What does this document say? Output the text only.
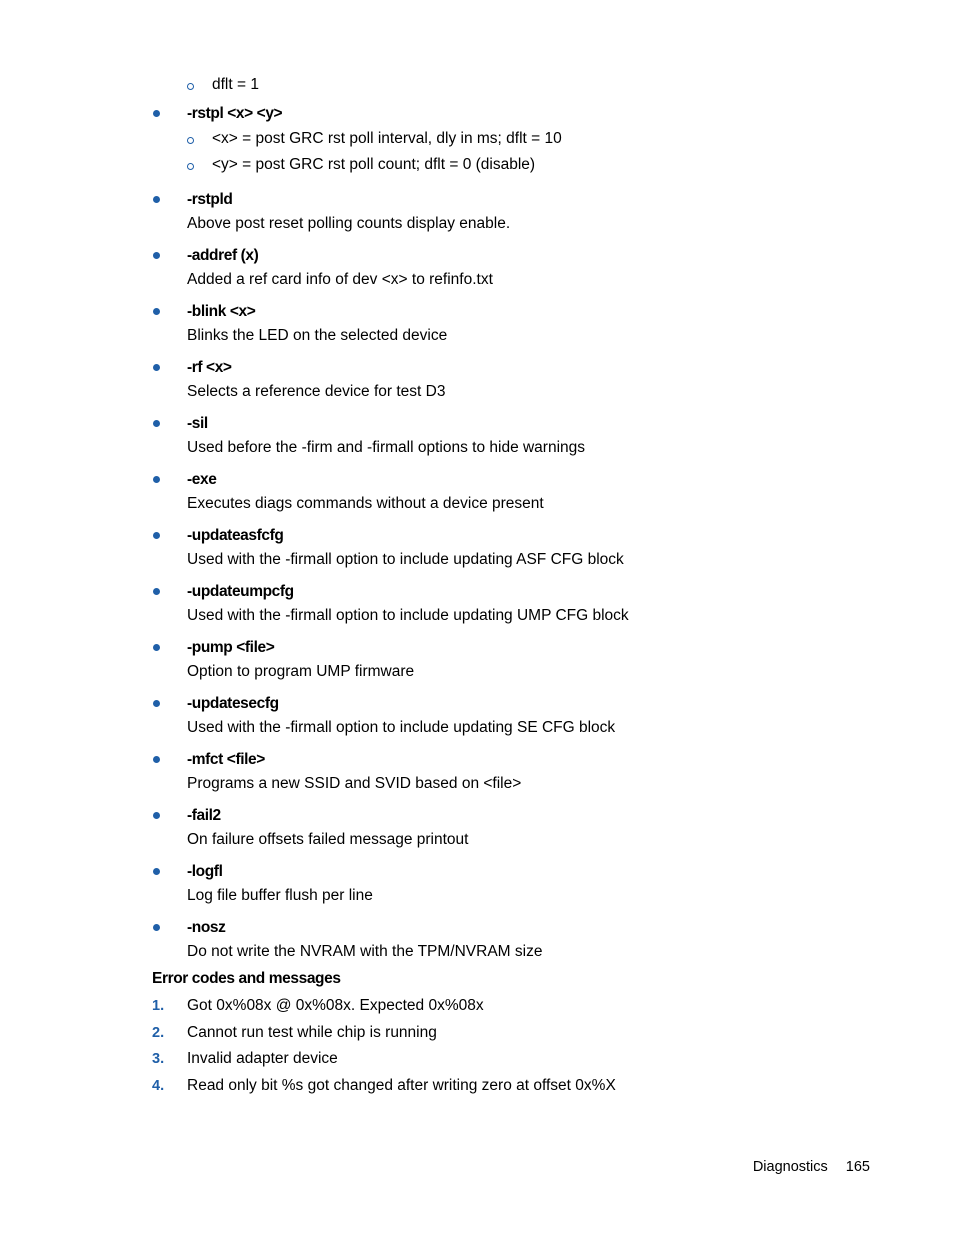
dflt = 1
-rstpl <x> <y>
<x> = post GRC rst poll interval, dly in ms; dflt = 10
<y> = post GRC rst poll count; dflt = 0 (disable)
-rstpld
Above post reset polling counts display enable.
-addref (x)
Added a ref card info of dev <x> to refinfo.txt
-blink <x>
Blinks the LED on the selected device
-rf <x>
Selects a reference device for test D3
-sil
Used before the -firm and -firmall options to hide warnings
-exe
Executes diags commands without a device present
-updateasfcfg
Used with the -firmall option to include updating ASF CFG block
-updateumpcfg
Used with the -firmall option to include updating UMP CFG block
-pump <file>
Option to program UMP firmware
-updatesecfg
Used with the -firmall option to include updating SE CFG block
-mfct <file>
Programs a new SSID and SVID based on <file>
-fail2
On failure offsets failed message printout
-logfl
Log file buffer flush per line
-nosz
Do not write the NVRAM with the TPM/NVRAM size
Error codes and messages
1. Got 0x%08x @ 0x%08x. Expected 0x%08x
2. Cannot run test while chip is running
3. Invalid adapter device
4. Read only bit %s got changed after writing zero at offset 0x%X
Diagnostics 165
